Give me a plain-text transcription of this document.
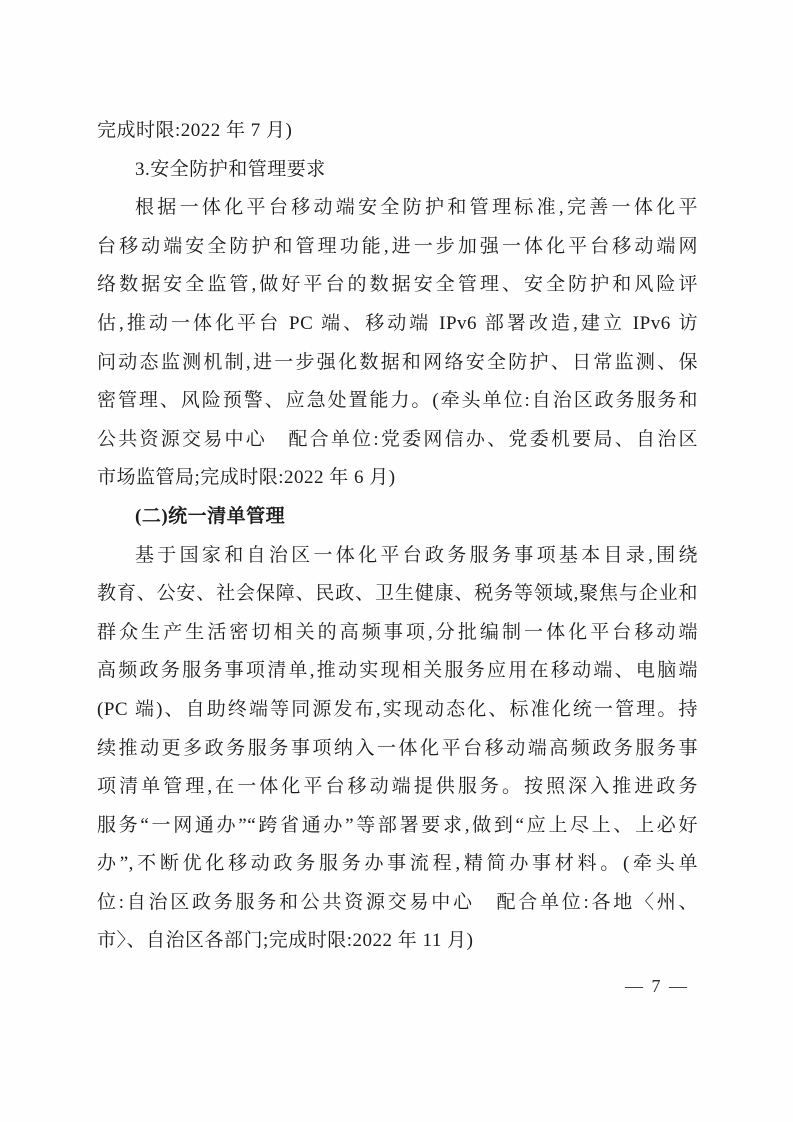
完成时限:2022 年 7 月)
3.安全防护和管理要求
根据一体化平台移动端安全防护和管理标准,完善一体化平
台移动端安全防护和管理功能,进一步加强一体化平台移动端网
络数据安全监管,做好平台的数据安全管理、安全防护和风险评
估,推动一体化平台 PC 端、移动端 IPv6 部署改造,建立 IPv6 访
问动态监测机制,进一步强化数据和网络安全防护、日常监测、保
密管理、风险预警、应急处置能力。(牵头单位:自治区政务服务和
公共资源交易中心　配合单位:党委网信办、党委机要局、自治区
市场监管局;完成时限:2022 年 6 月)
(二)统一清单管理
基于国家和自治区一体化平台政务服务事项基本目录,围绕
教育、公安、社会保障、民政、卫生健康、税务等领域,聚焦与企业和
群众生产生活密切相关的高频事项,分批编制一体化平台移动端
高频政务服务事项清单,推动实现相关服务应用在移动端、电脑端
(PC 端)、自助终端等同源发布,实现动态化、标准化统一管理。持
续推动更多政务服务事项纳入一体化平台移动端高频政务服务事
项清单管理,在一体化平台移动端提供服务。按照深入推进政务
服务“一网通办”“跨省通办”等部署要求,做到“应上尽上、上必好
办”,不断优化移动政务服务办事流程,精简办事材料。(牵头单
位:自治区政务服务和公共资源交易中心　配合单位:各地〈州、
市〉、自治区各部门;完成时限:2022 年 11 月)
— 7 —
